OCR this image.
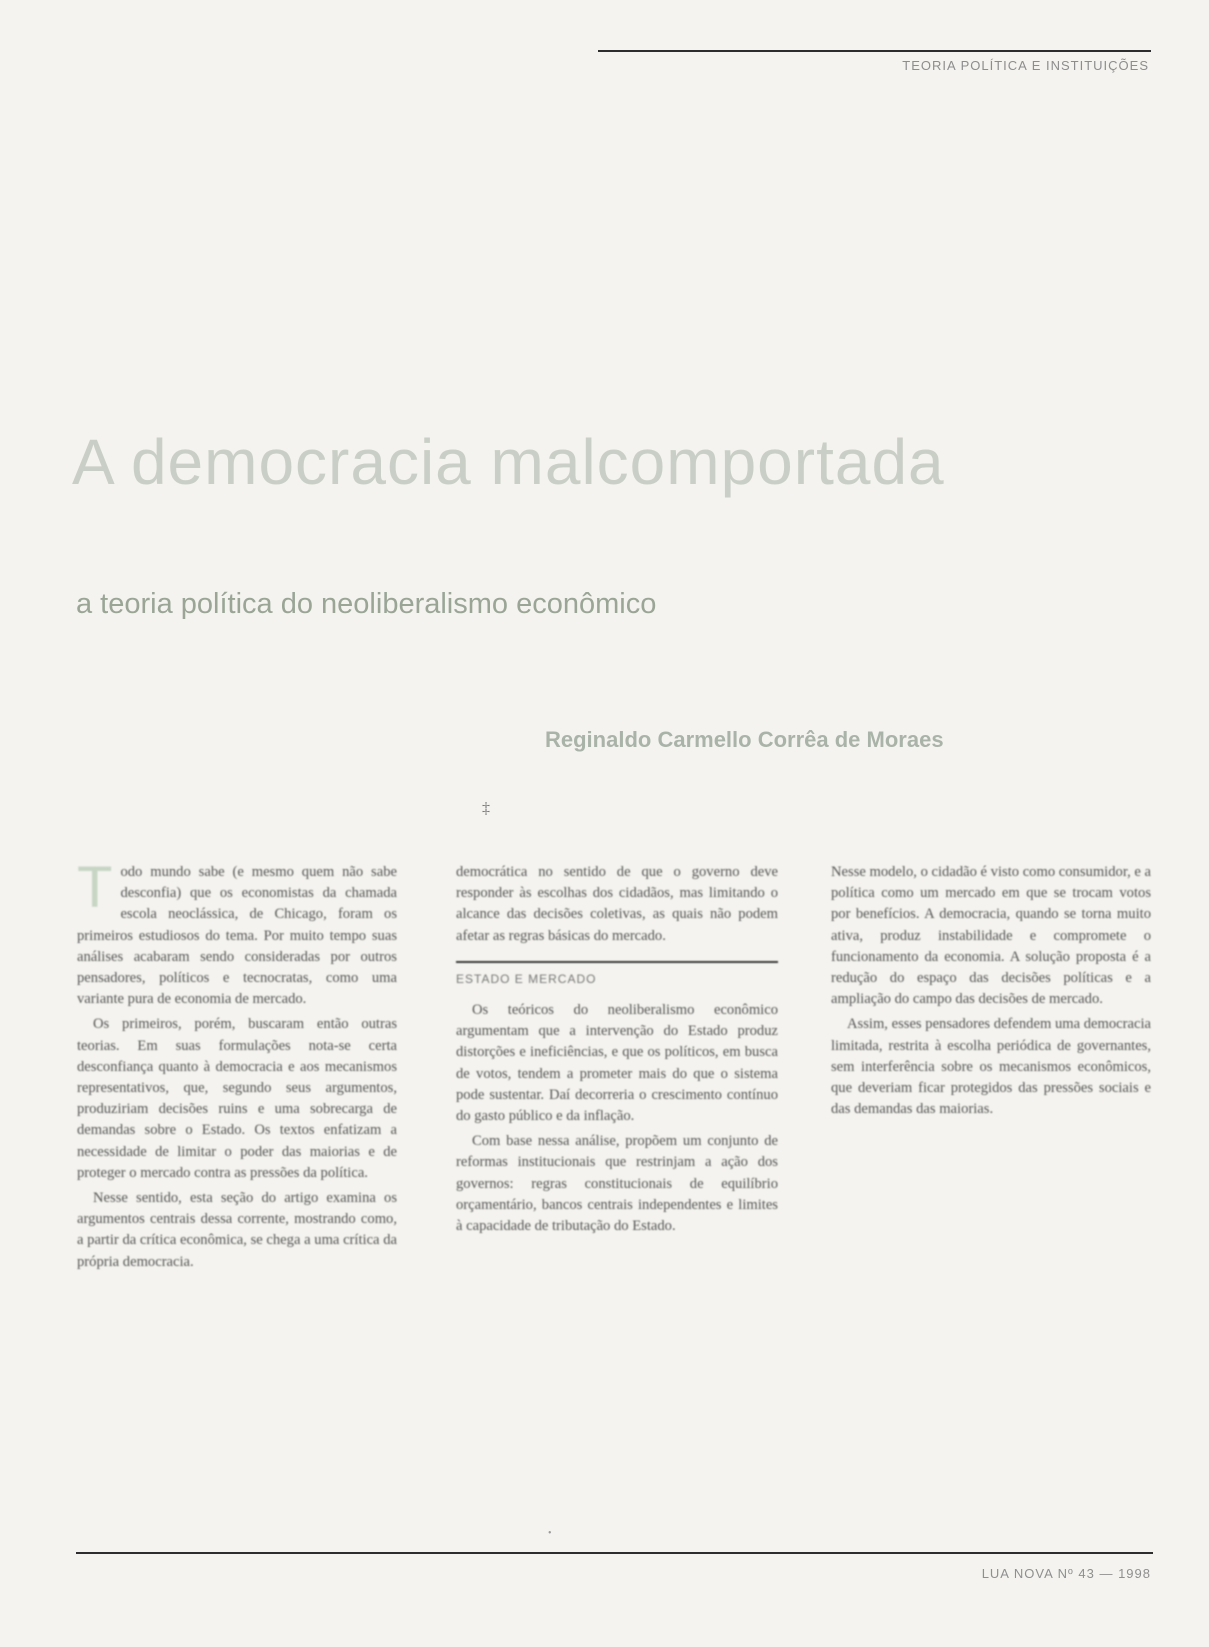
TEORIA POLÍTICA E INSTITUIÇÕES
A democracia malcomportada
a teoria política do neoliberalismo econômico
Reginaldo Carmello Corrêa de Moraes
‡

Todo mundo sabe (e mesmo quem não sabe desconfia) que os economistas da chamada escola neoclássica, de Chicago, foram os primeiros estudiosos do tema. Por muito tempo suas análises acabaram sendo consideradas por outros pensadores, políticos e tecnocratas, como uma variante pura de economia de mercado.

Os primeiros, porém, buscaram então outras teorias. Em suas formulações nota-se certa desconfiança quanto à democracia e aos mecanismos representativos, que, segundo seus argumentos, produziriam decisões ruins e uma sobrecarga de demandas sobre o Estado. Os textos enfatizam a necessidade de limitar o poder das maiorias e de proteger o mercado contra as pressões da política.

Nesse sentido, esta seção do artigo examina os argumentos centrais dessa corrente, mostrando como, a partir da crítica econômica, se chega a uma crítica da própria democracia.

democrática no sentido de que o governo deve responder às escolhas dos cidadãos, mas limitando o alcance das decisões coletivas, as quais não podem afetar as regras básicas do mercado.

ESTADO E MERCADO

Os teóricos do neoliberalismo econômico argumentam que a intervenção do Estado produz distorções e ineficiências, e que os políticos, em busca de votos, tendem a prometer mais do que o sistema pode sustentar. Daí decorreria o crescimento contínuo do gasto público e da inflação.

Com base nessa análise, propõem um conjunto de reformas institucionais que restrinjam a ação dos governos: regras constitucionais de equilíbrio orçamentário, bancos centrais independentes e limites à capacidade de tributação do Estado.

Nesse modelo, o cidadão é visto como consumidor, e a política como um mercado em que se trocam votos por benefícios. A democracia, quando se torna muito ativa, produz instabilidade e compromete o funcionamento da economia. A solução proposta é a redução do espaço das decisões políticas e a ampliação do campo das decisões de mercado.

Assim, esses pensadores defendem uma democracia limitada, restrita à escolha periódica de governantes, sem interferência sobre os mecanismos econômicos, que deveriam ficar protegidos das pressões sociais e das demandas das maiorias.

•
LUA NOVA Nº 43 — 1998
